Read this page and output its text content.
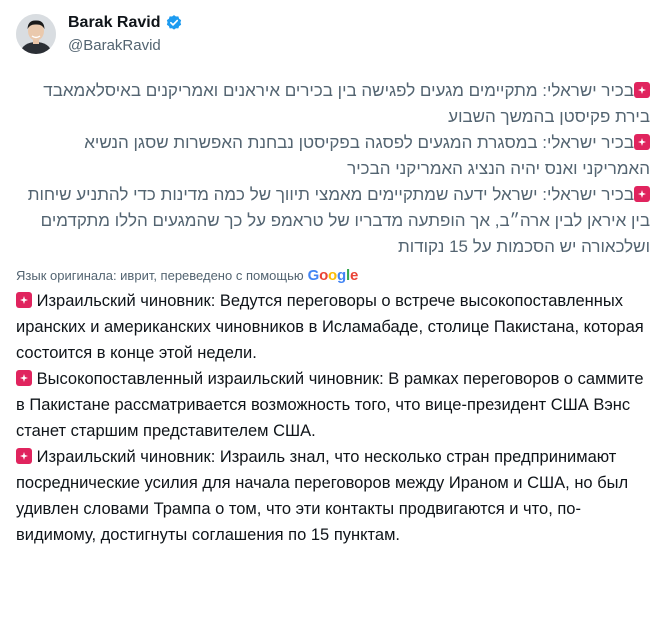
Barak Ravid
@BarakRavid

בכיר ישראלי: מתקיימים מגעים לפגישה בין בכירים איראנים ואמריקנים באיסלאמאבד בירת פקיסטן בהמשך השבוע

בכיר ישראלי: במסגרת המגעים לפסגה בפקיסטן נבחנת האפשרות שסגן הנשיא האמריקני ואנס יהיה הנציג האמריקני הבכיר

בכיר ישראלי: ישראל ידעה שמתקיימים מאמצי תיווך של כמה מדינות כדי להתניע שיחות בין איראן לבין ארה״ב, אך הופתעה מדבריו של טראמפ על כך שהמגעים הללו מתקדמים ושלכאורה יש הסכמות על 15 נקודות

Язык оригинала: иврит, переведено с помощью Google

Израильский чиновник: Ведутся переговоры о встрече высокопоставленных иранских и американских чиновников в Исламабаде, столице Пакистана, которая состоится в конце этой недели.

Высокопоставленный израильский чиновник: В рамках переговоров о саммите в Пакистане рассматривается возможность того, что вице-президент США Вэнс станет старшим представителем США.

Израильский чиновник: Израиль знал, что несколько стран предпринимают посреднические усилия для начала переговоров между Ираном и США, но был удивлен словами Трампа о том, что эти контакты продвигаются и что, по-видимому, достигнуты соглашения по 15 пунктам.
